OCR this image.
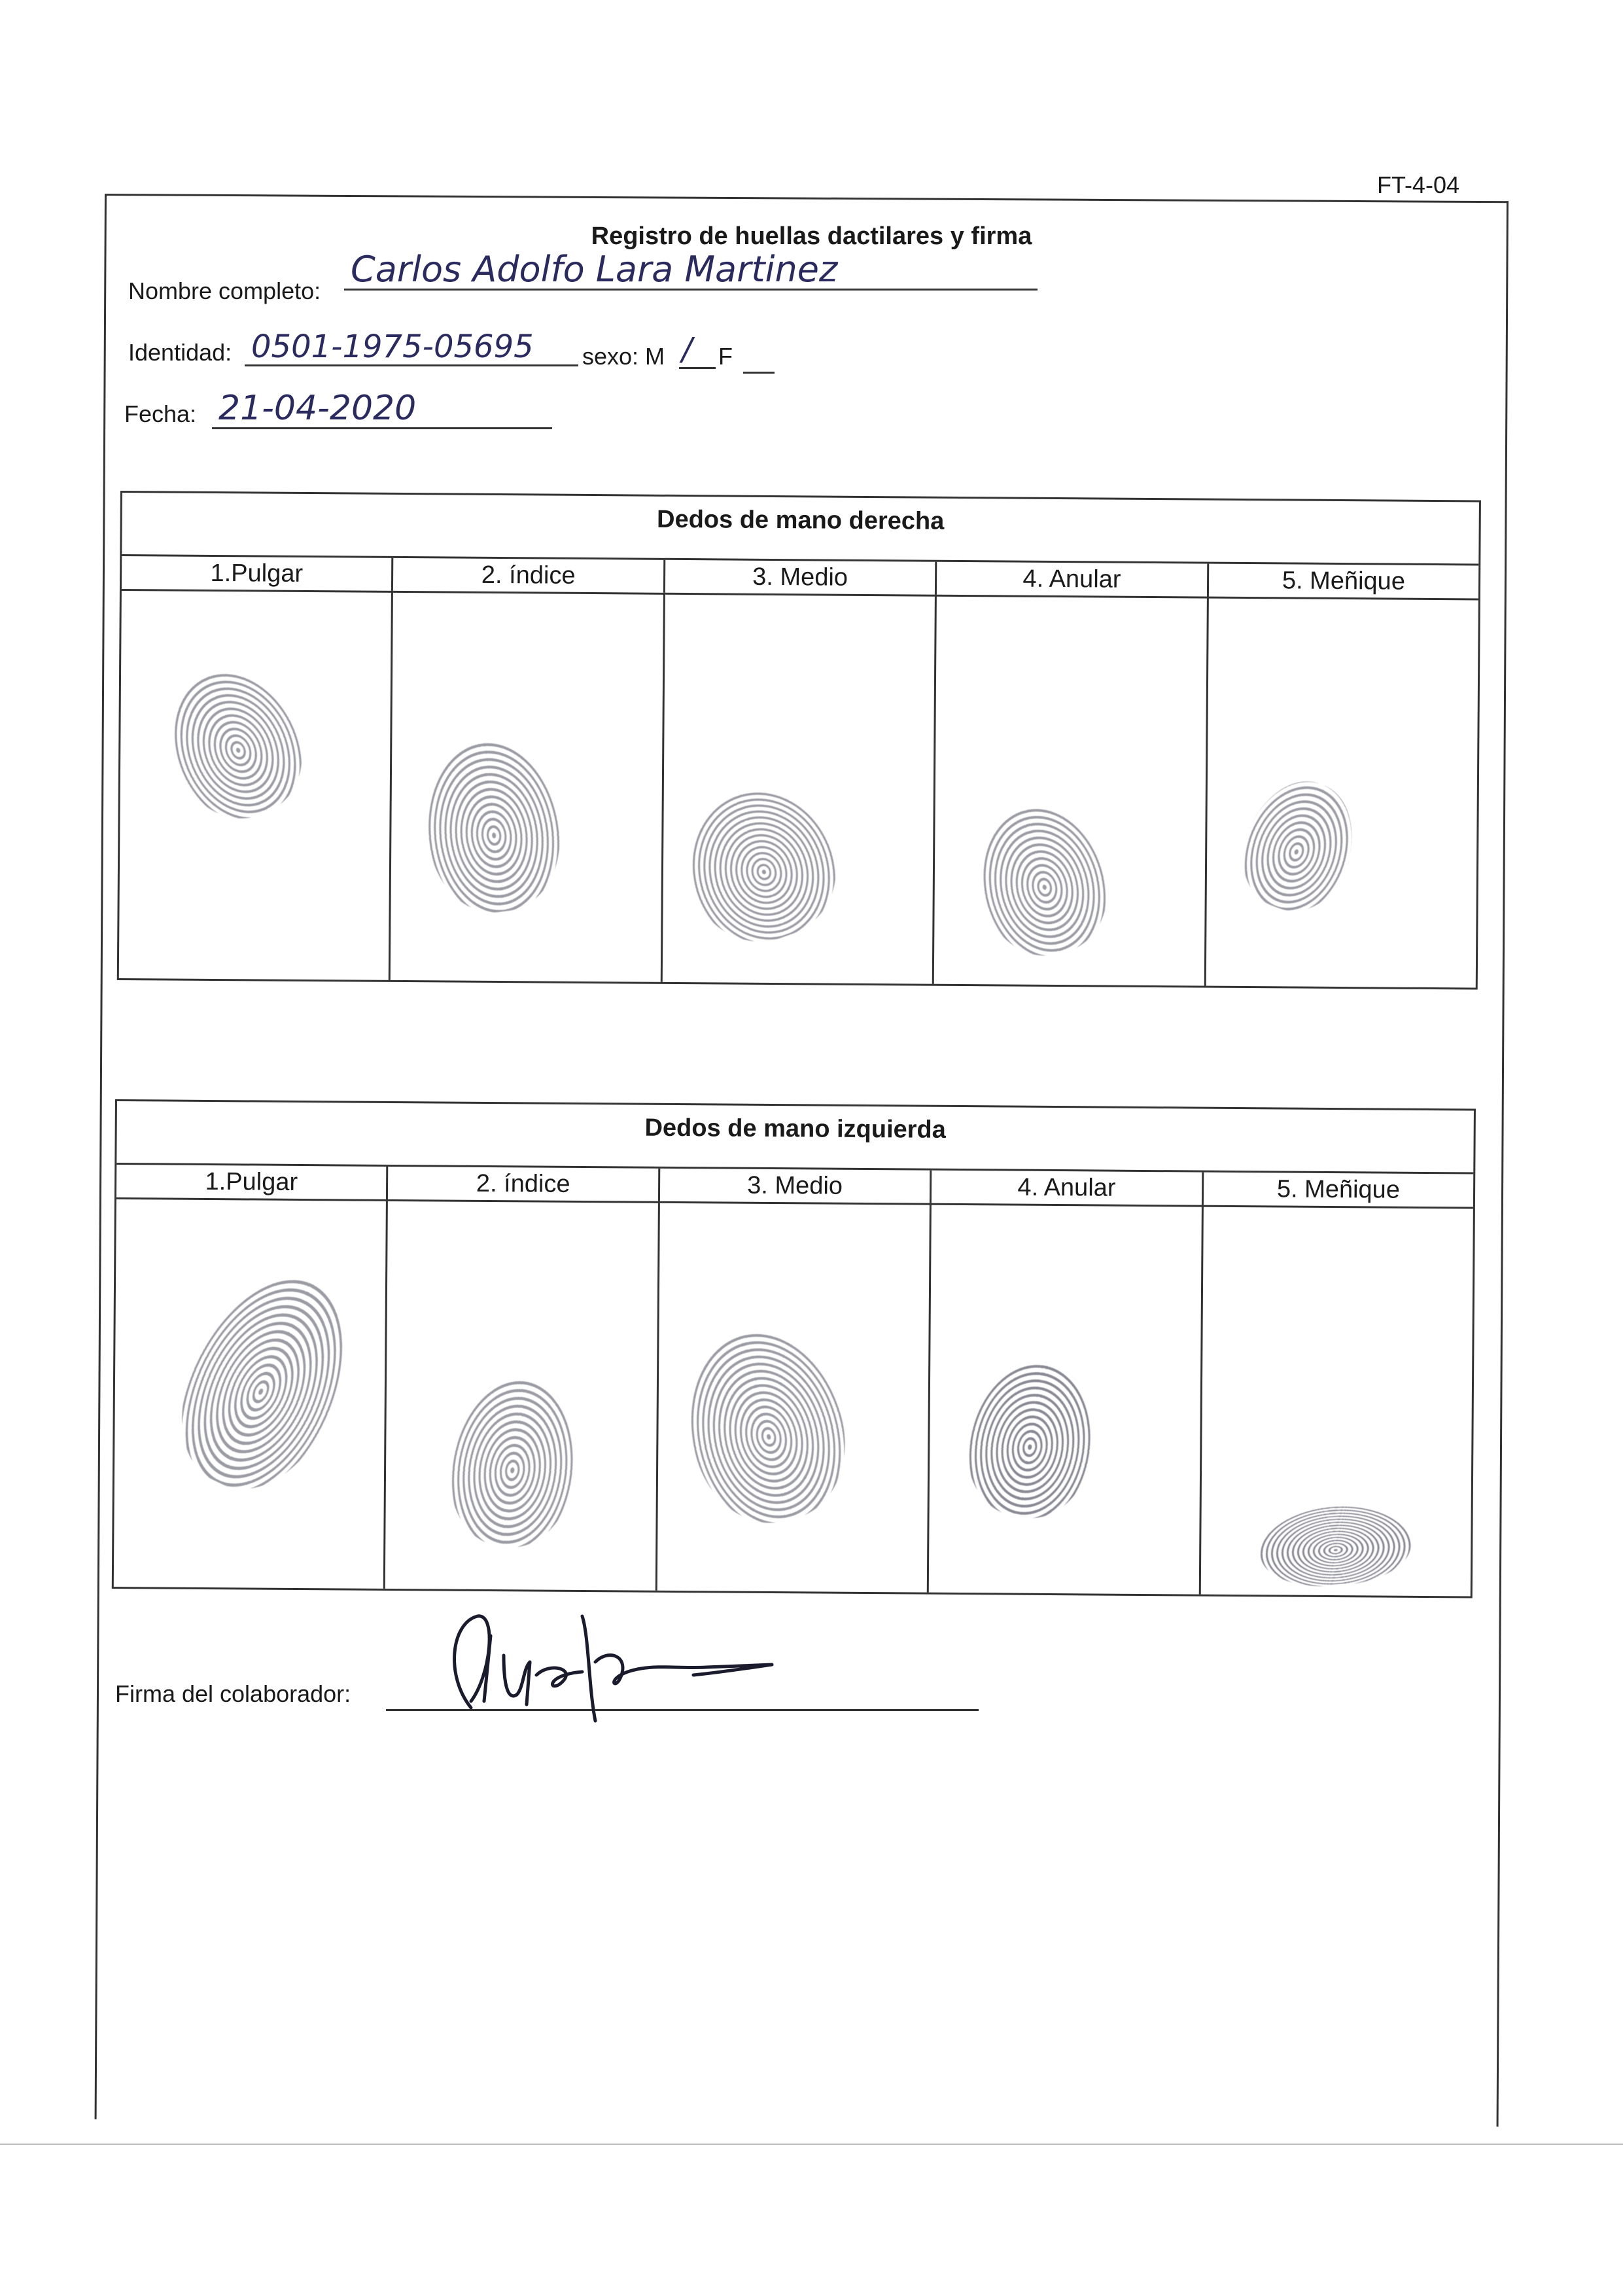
FT-4-04
Registro de huellas dactilares y firma
Nombre completo:
Carlos Adolfo Lara Martinez
Identidad: 0501-1975-05695	sexo: M /	F
Fecha: 21-04-2020
Dedos de mano derecha
1.Pulgar	2. índice	3. Medio	4. Anular	5. Meñique
Dedos de mano izquierda
1.Pulgar	2. índice	3. Medio	4. Anular	5. Meñique
Firma del colaborador:
